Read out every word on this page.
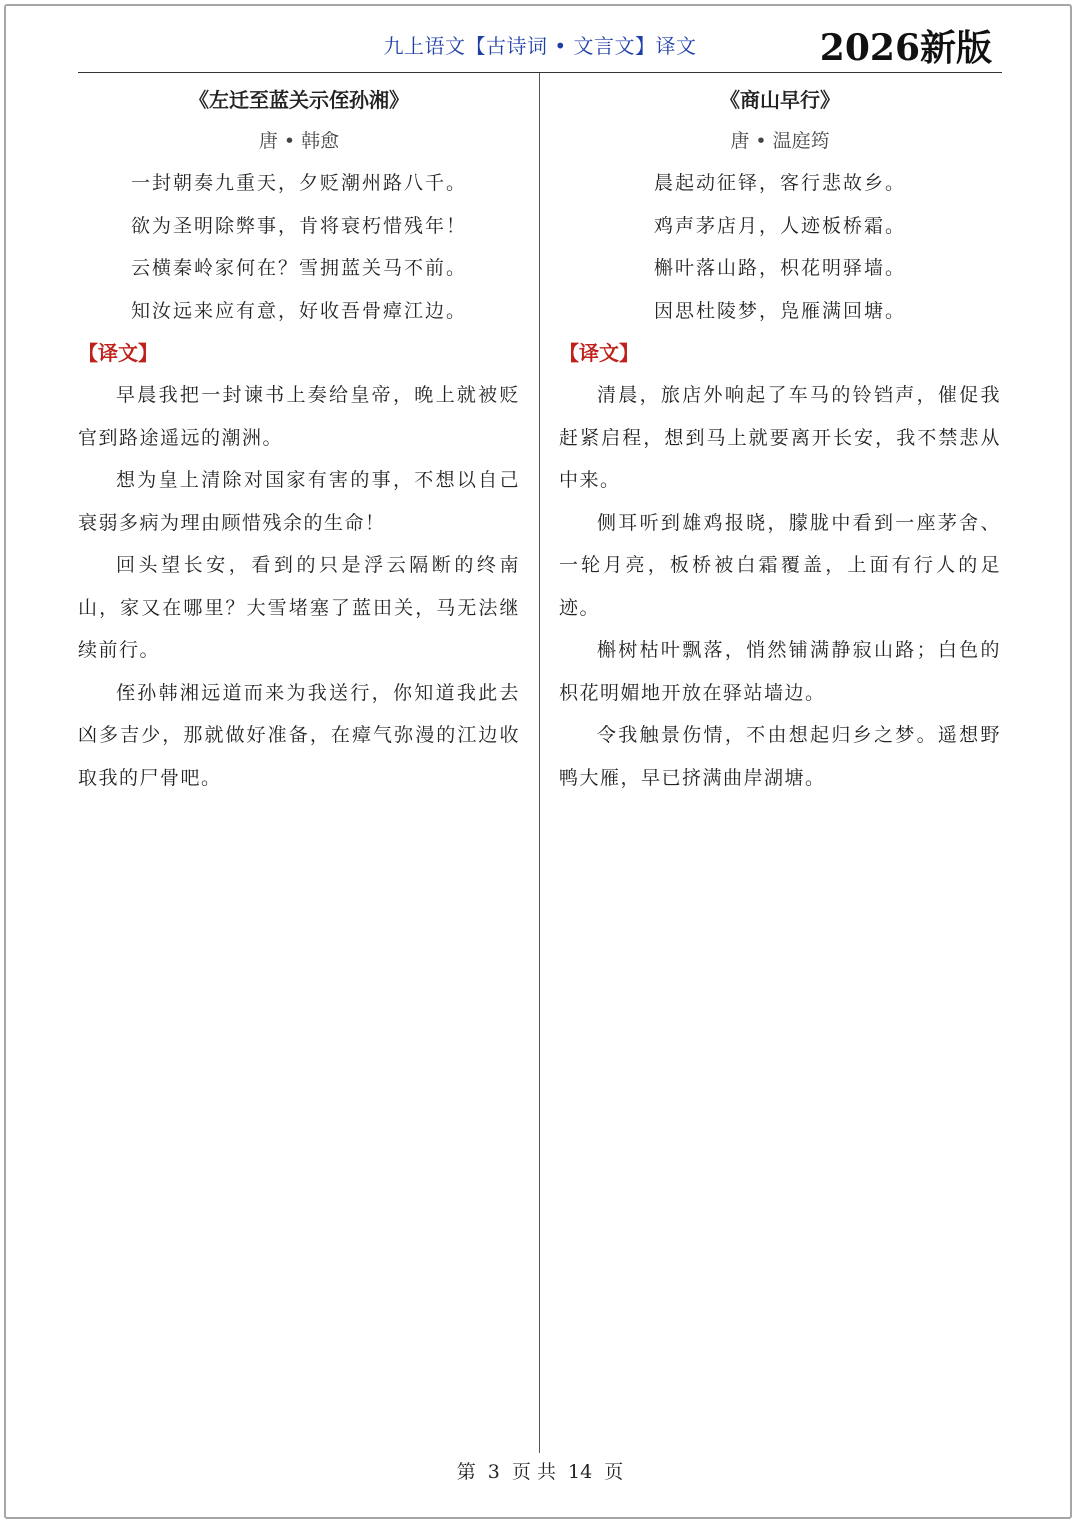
九上语文【古诗词 • 文言文】译文	2026新版
《左迁至蓝关示侄孙湘》
唐 • 韩愈
一封朝奏九重天，夕贬潮州路八千。
欲为圣明除弊事，肯将衰朽惜残年！
云横秦岭家何在？雪拥蓝关马不前。
知汝远来应有意，好收吾骨瘴江边。
【译文】

早晨我把一封谏书上奏给皇帝，晚上就被贬官到路途遥远的潮洲。

想为皇上清除对国家有害的事，不想以自己衰弱多病为理由顾惜残余的生命！

回头望长安，看到的只是浮云隔断的终南山，家又在哪里？大雪堵塞了蓝田关，马无法继续前行。

侄孙韩湘远道而来为我送行，你知道我此去凶多吉少，那就做好准备，在瘴气弥漫的江边收取我的尸骨吧。

《商山早行》
唐 • 温庭筠
晨起动征铎，客行悲故乡。
鸡声茅店月，人迹板桥霜。
槲叶落山路，枳花明驿墙。
因思杜陵梦，凫雁满回塘。
【译文】

清晨，旅店外响起了车马的铃铛声，催促我赶紧启程，想到马上就要离开长安，我不禁悲从中来。

侧耳听到雄鸡报晓，朦胧中看到一座茅舍、一轮月亮，板桥被白霜覆盖，上面有行人的足迹。

槲树枯叶飘落，悄然铺满静寂山路；白色的枳花明媚地开放在驿站墙边。

令我触景伤情，不由想起归乡之梦。遥想野鸭大雁，早已挤满曲岸湖塘。

第 3 页 共 14 页
